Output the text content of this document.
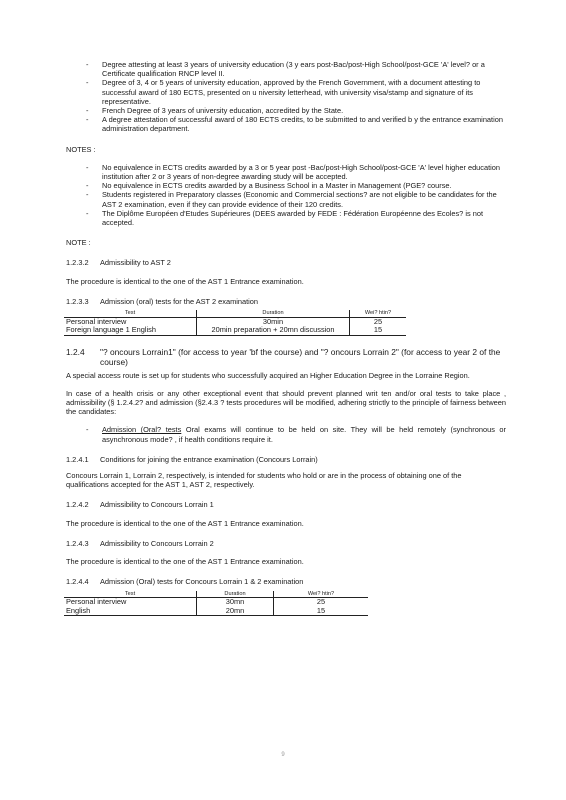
- Degree attesting at least 3 years of university education (3 y ears post-Bac/post-High School/post-GCE 'A' level? or a Certificate qualification RNCP level II.
- Degree of 3, 4 or 5 years of university education, approved by the French Government, with a document attesting to successful award of 180 ECTS, presented on u niversity letterhead, with university visa/stamp and signature of its representative.
- French Degree of 3 years of university education, accredited by the State.
- A degree attestation of successful award of 180 ECTS credits, to be submitted to and verified b y the entrance examination administration department.

NOTES :

- No equivalence in ECTS credits awarded by a 3 or 5 year post -Bac/post-High School/post-GCE 'A' level higher education institution after 2 or 3 years of non-degree awarding study will be accepted.
- No equivalence in ECTS credits awarded by a Business School in a Master in Management (PGE? course.
- Students registered in Preparatory classes (Economic and Commercial sections? are not eligible to be candidates for the AST 2 examination, even if they can provide evidence of their 120 credits.
- The Diplôme Européen d'Etudes Supérieures (DEES awarded by FEDE : Fédération Européenne des Ecoles? is not accepted.

NOTE :

1.2.3.2 Admissibility to AST 2

The procedure is identical to the one of the AST 1 Entrance examination.

1.2.3.3 Admission (oral) tests for the AST 2 examination

Test	Duration	Wei? htin?
Personal interview	30min	25
Foreign language 1 English	20min preparation + 20mn discussion	15

1.2.4 "? oncours Lorrain1" (for access to year 'bf the course) and "? oncours Lorrain 2" (for access to year 2 of the course)

A special access route is set up for students who successfully acquired an Higher Education Degree in the Lorraine Region.

In case of a health crisis or any other exceptional event that should prevent planned writ ten and/or oral tests to take place , admissibility (§ 1.2.4.2? and admission (§2.4.3 ? tests procedures will be modified, adhering strictly to the principle of fairness between the candidates:

- Admission (Oral? tests Oral exams will continue to be held on site. They will be held remotely (synchronous or asynchronous mode? , if health conditions require it.

1.2.4.1 Conditions for joining the entrance examination (Concours Lorrain)

Concours Lorrain 1, Lorrain 2, respectively, is intended for students who hold or are in the process of obtaining one of the qualifications accepted for the AST 1, AST 2, respectively.

1.2.4.2 Admissibility to Concours Lorrain 1

The procedure is identical to the one of the AST 1 Entrance examination.

1.2.4.3 Admissibility to Concours Lorrain 2

The procedure is identical to the one of the AST 1 Entrance examination.

1.2.4.4 Admission (Oral) tests for Concours Lorrain 1 & 2 examination

Test	Duration	Wei? htin?
Personal interview	30mn	25
English	20mn	15
9
